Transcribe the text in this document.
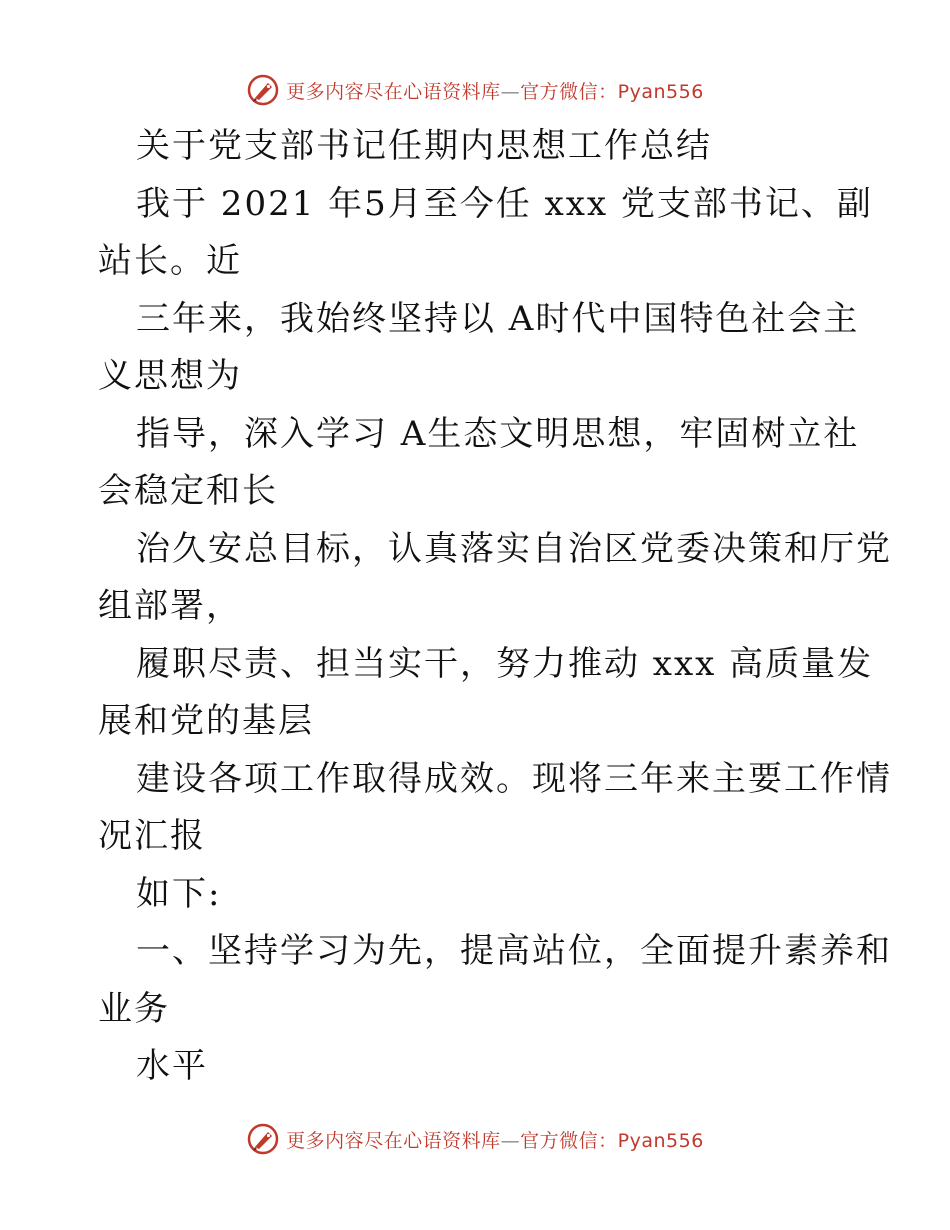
更多内容尽在心语资料库—官方微信：Pyan556
关于党支部书记任期内思想工作总结
我于 2021 年5月至今任 xxx 党支部书记、副
站长。近
三年来，我始终坚持以 A时代中国特色社会主
义思想为
指导，深入学习 A生态文明思想，牢固树立社
会稳定和长
治久安总目标，认真落实自治区党委决策和厅党
组部署，
履职尽责、担当实干，努力推动 xxx 高质量发
展和党的基层
建设各项工作取得成效。现将三年来主要工作情
况汇报
如下:
一、坚持学习为先，提高站位，全面提升素养和
业务
水平
更多内容尽在心语资料库—官方微信：Pyan556
